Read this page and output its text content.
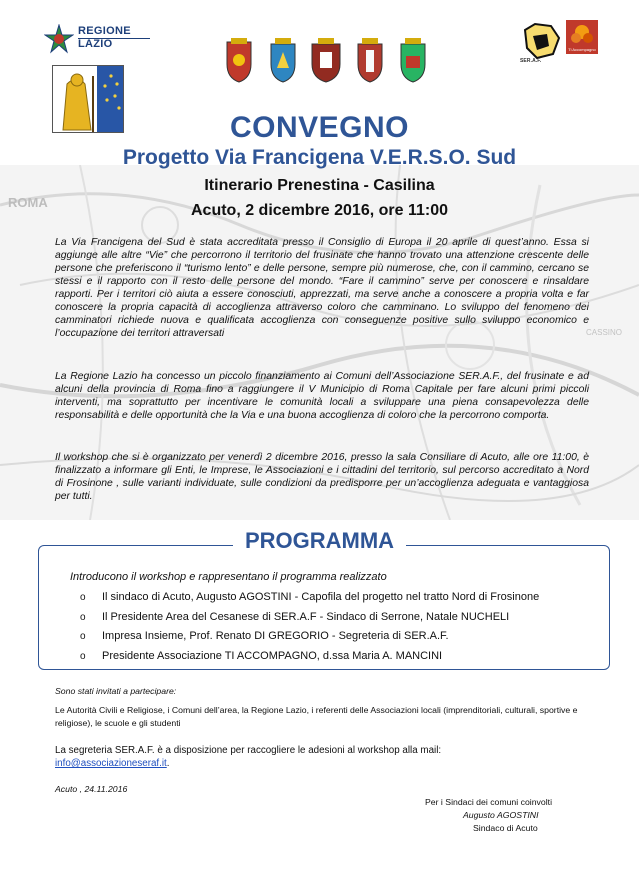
ROMA
CASSINO
REGIONE
LAZIO
SER.A.F.
Ti Accompagno
CONVEGNO
Progetto Via Francigena V.E.R.S.O. Sud
Itinerario Prenestina - Casilina
Acuto, 2 dicembre 2016, ore 11:00

La Via Francigena del Sud è stata accreditata presso il Consiglio di Europa il 20 aprile di quest’anno. Essa si aggiunge alle altre “Vie” che percorrono il territorio del frusinate che hanno trovato una attenzione crescente delle persone che preferiscono il “turismo lento” e delle persone, sempre più numerose, che, con il cammino, cercano se stessi e il rapporto con il resto delle persone del mondo. “Fare il cammino” serve per conoscere e rinsaldare rapporti. Per i territori ciò aiuta a essere conosciuti, apprezzati, ma serve anche a conoscere a propria volta e far conoscere la propria capacità di accoglienza attraverso coloro che camminano. Lo sviluppo del fenomeno dei camminatori richiede nuova e qualificata accoglienza con conseguenze positive sullo sviluppo economico e l’occupazione dei territori attraversati

La Regione Lazio ha concesso un piccolo finanziamento ai Comuni dell’Associazione SER.A.F., del frusinate e ad alcuni della provincia di Roma fino a raggiungere il V Municipio di Roma Capitale per fare alcuni primi piccoli interventi, ma soprattutto per incentivare le comunità locali a sviluppare una piena consapevolezza delle responsabilità e delle opportunità che la Via e una buona accoglienza di coloro che la percorrono comporta.

Il workshop che si è organizzato per venerdì 2 dicembre 2016, presso la sala Consiliare di Acuto, alle ore 11:00, è finalizzato a informare gli Enti, le Imprese, le Associazioni e i cittadini del territorio, sul percorso accreditato a Nord di Frosinone , sulle varianti individuate, sulle condizioni da predisporre per un’accoglienza adeguata e vantaggiosa per tutti.

PROGRAMMA
Introducono il workshop e rappresentano il programma realizzato
o Il sindaco di Acuto, Augusto AGOSTINI - Capofila del progetto nel tratto Nord di Frosinone
o Il Presidente Area del Cesanese di SER.A.F - Sindaco di Serrone, Natale NUCHELI
o Impresa Insieme, Prof. Renato DI GREGORIO - Segreteria di SER.A.F.
o Presidente Associazione TI ACCOMPAGNO, d.ssa Maria A. MANCINI
Sono stati invitati a partecipare:
Le Autorità Civili e Religiose, i Comuni dell’area, la Regione Lazio, i referenti delle Associazioni locali (imprenditoriali, culturali, sportive e religiose), le scuole e gli studenti
La segreteria SER.A.F. è a disposizione per raccogliere le adesioni al workshop alla mail:
info@associazioneseraf.it.
Acuto , 24.11.2016
Per i Sindaci dei comuni coinvolti
Augusto AGOSTINI
Sindaco di Acuto
